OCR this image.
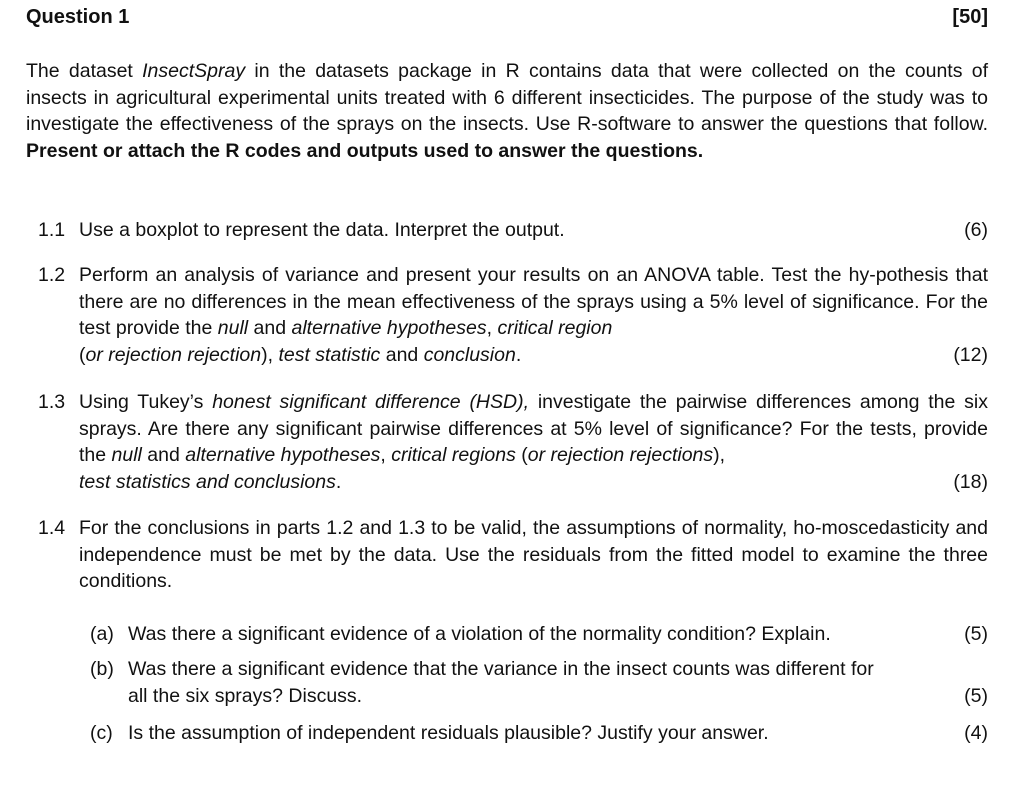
Question 1	[50]
The dataset InsectSpray in the datasets package in R contains data that were collected on the counts of insects in agricultural experimental units treated with 6 different insecticides. The purpose of the study was to investigate the effectiveness of the sprays on the insects. Use R-software to answer the questions that follow. Present or attach the R codes and outputs used to answer the questions.
1.1 Use a boxplot to represent the data. Interpret the output.	(6)
1.2 Perform an analysis of variance and present your results on an ANOVA table. Test the hy-pothesis that there are no differences in the mean effectiveness of the sprays using a 5% level of significance. For the test provide the null and alternative hypotheses, critical region
(or rejection rejection), test statistic and conclusion.	(12)
1.3 Using Tukey’s honest significant difference (HSD), investigate the pairwise differences among the six sprays. Are there any significant pairwise differences at 5% level of significance? For the tests, provide the null and alternative hypotheses, critical regions (or rejection rejections),
test statistics and conclusions.	(18)
1.4 For the conclusions in parts 1.2 and 1.3 to be valid, the assumptions of normality, ho-moscedasticity and independence must be met by the data. Use the residuals from the fitted model to examine the three conditions.
(a) Was there a significant evidence of a violation of the normality condition? Explain.	(5)
(b) Was there a significant evidence that the variance in the insect counts was different for
all the six sprays? Discuss.	(5)
(c) Is the assumption of independent residuals plausible? Justify your answer.	(4)
